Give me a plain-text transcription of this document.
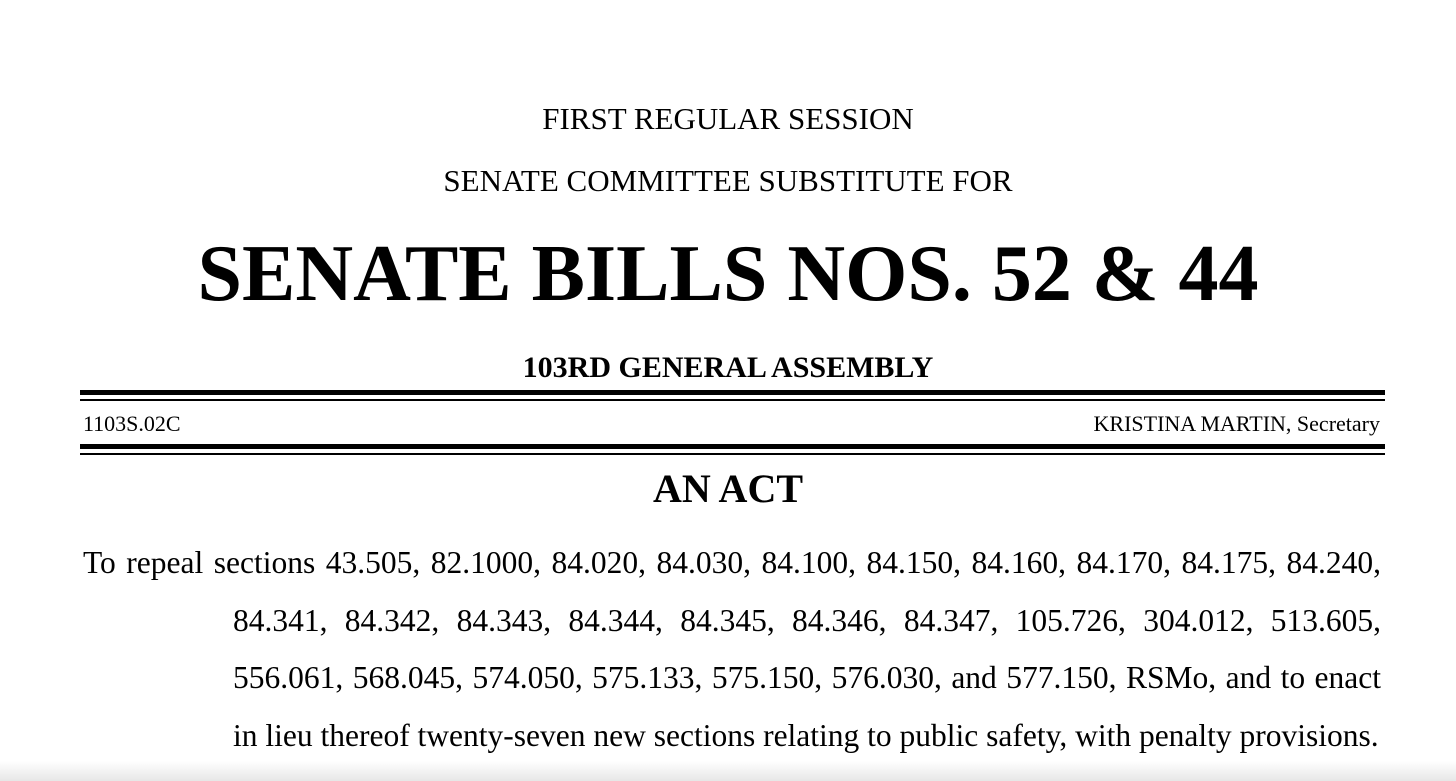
FIRST REGULAR SESSION
SENATE COMMITTEE SUBSTITUTE FOR
SENATE BILLS NOS. 52 & 44
103RD GENERAL ASSEMBLY
1103S.02C	KRISTINA MARTIN, Secretary
AN ACT
To repeal sections 43.505, 82.1000, 84.020, 84.030, 84.100, 84.150, 84.160, 84.170, 84.175, 84.240, 84.341, 84.342, 84.343, 84.344, 84.345, 84.346, 84.347, 105.726, 304.012, 513.605, 556.061, 568.045, 574.050, 575.133, 575.150, 576.030, and 577.150, RSMo, and to enact in lieu thereof twenty-seven new sections relating to public safety, with penalty provisions.
